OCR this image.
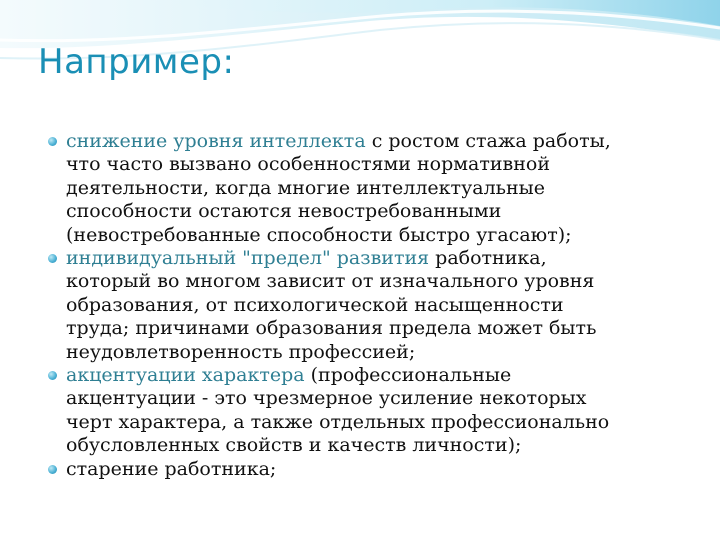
Например:
снижение уровня интеллекта с ростом стажа работы,
что часто вызвано особенностями нормативной
деятельности, когда многие интеллектуальные
способности остаются невостребованными
(невостребованные способности быстро угасают);
индивидуальный "предел" развития работника,
который во многом зависит от изначального уровня
образования, от психологической насыщенности
труда; причинами образования предела может быть
неудовлетворенность профессией;
акцентуации характера (профессиональные
акцентуации - это чрезмерное усиление некоторых
черт характера, а также отдельных профессионально
обусловленных свойств и качеств личности);
старение работника;
